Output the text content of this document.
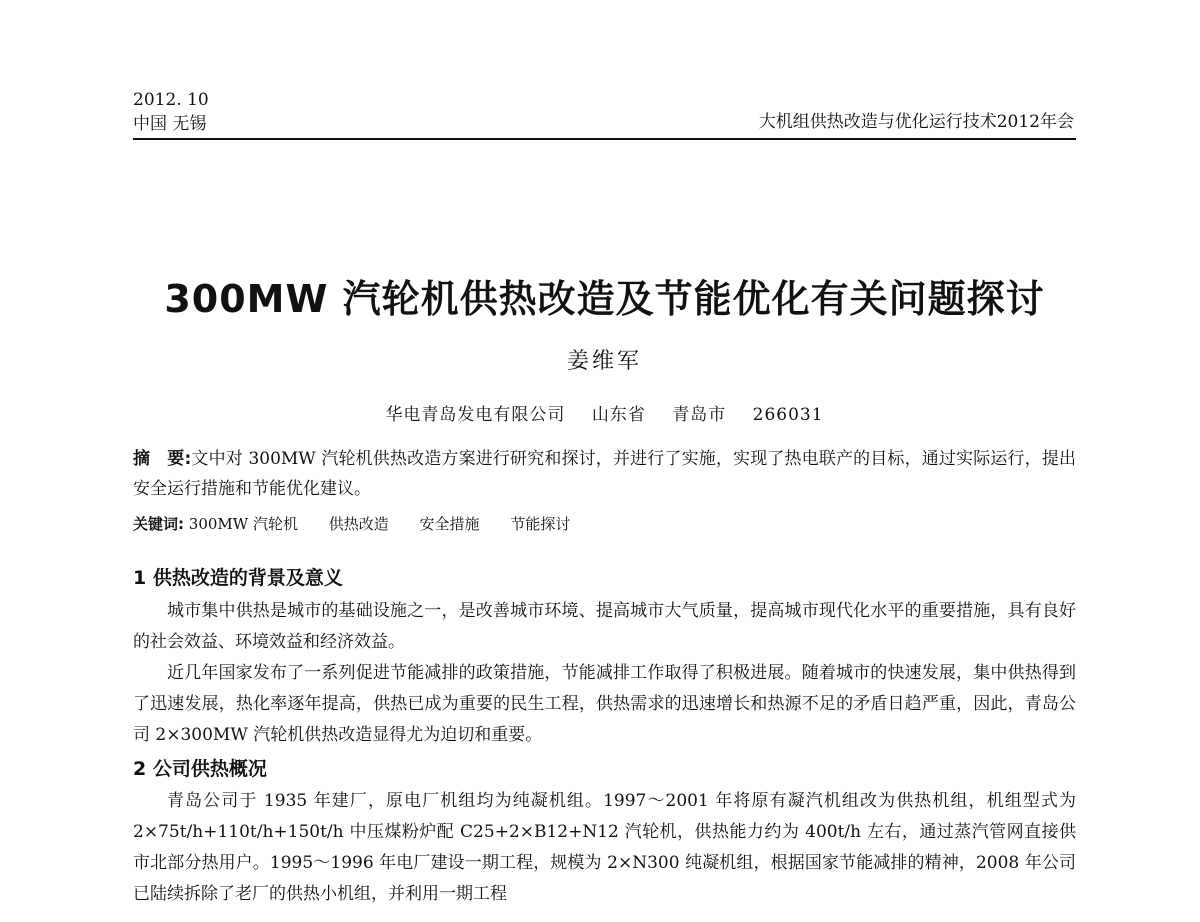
2012. 10
中国 无锡	大机组供热改造与优化运行技术2012年会
300MW 汽轮机供热改造及节能优化有关问题探讨
姜维军
华电青岛发电有限公司 山东省 青岛市 266031
摘　要:文中对 300MW 汽轮机供热改造方案进行研究和探讨，并进行了实施，实现了热电联产的目标，通过实际运行，提出安全运行措施和节能优化建议。
关键词: 300MW 汽轮机 供热改造 安全措施 节能探讨
1 供热改造的背景及意义
城市集中供热是城市的基础设施之一，是改善城市环境、提高城市大气质量，提高城市现代化水平的重要措施，具有良好的社会效益、环境效益和经济效益。
近几年国家发布了一系列促进节能减排的政策措施，节能减排工作取得了积极进展。随着城市的快速发展，集中供热得到了迅速发展，热化率逐年提高，供热已成为重要的民生工程，供热需求的迅速增长和热源不足的矛盾日趋严重，因此，青岛公司 2×300MW 汽轮机供热改造显得尤为迫切和重要。
2 公司供热概况
青岛公司于 1935 年建厂，原电厂机组均为纯凝机组。1997～2001 年将原有凝汽机组改为供热机组，机组型式为 2×75t/h+110t/h+150t/h 中压煤粉炉配 C25+2×B12+N12 汽轮机，供热能力约为 400t/h 左右，通过蒸汽管网直接供市北部分热用户。1995～1996 年电厂建设一期工程，规模为 2×N300 纯凝机组，根据国家节能减排的精神，2008 年公司已陆续拆除了老厂的供热小机组，并利用一期工程
